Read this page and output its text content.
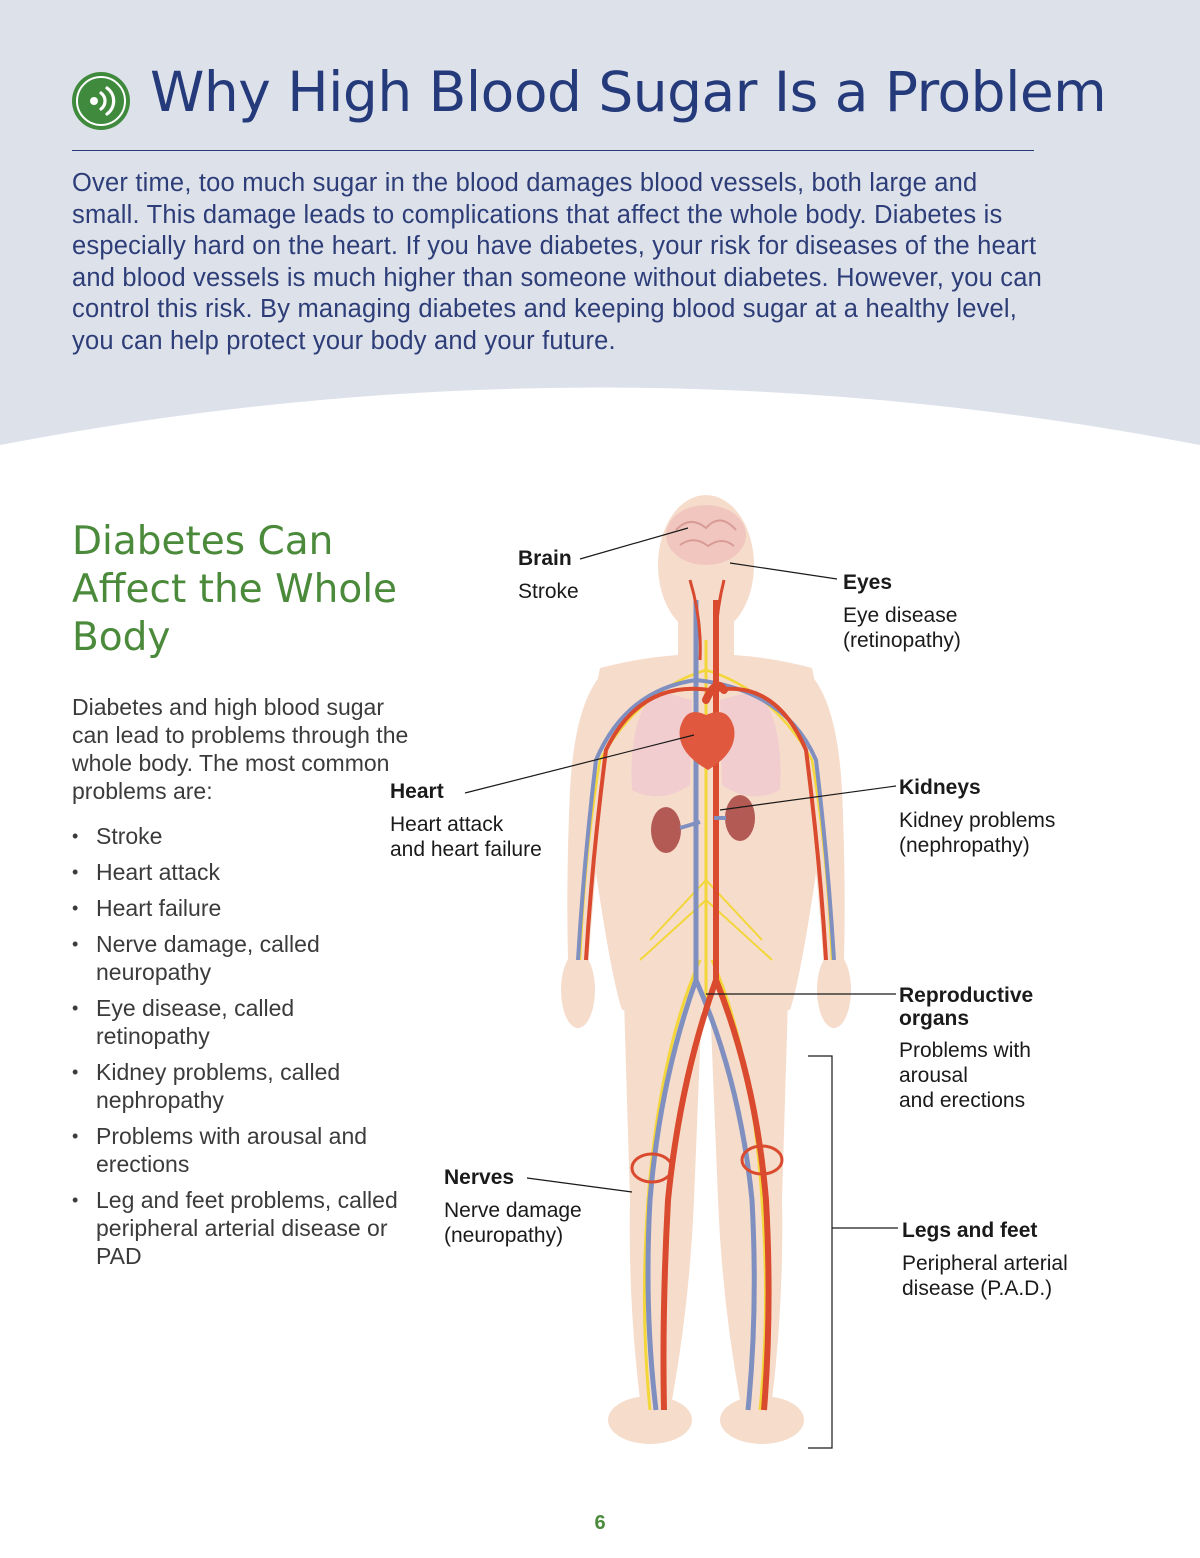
Why High Blood Sugar Is a Problem

Over time, too much sugar in the blood damages blood vessels, both large and small. This damage leads to complications that affect the whole body. Diabetes is especially hard on the heart. If you have diabetes, your risk for diseases of the heart and blood vessels is much higher than someone without diabetes. However, you can control this risk. By managing diabetes and keeping blood sugar at a healthy level, you can help protect your body and your future.

Diabetes Can Affect the Whole Body

Diabetes and high blood sugar can lead to problems through the whole body. The most common problems are:

• Stroke
• Heart attack
• Heart failure
• Nerve damage, called neuropathy
• Eye disease, called retinopathy
• Kidney problems, called nephropathy
• Problems with arousal and erections
• Leg and feet problems, called peripheral arterial disease or PAD
Brain
Stroke	Eyes
Eye disease
(retinopathy)
Heart
Heart attack
and heart failure
Kidneys
Kidney problems
(nephropathy)
Reproductive organs
Problems with arousal
and erections
Nerves
Nerve damage
(neuropathy)	Legs and feet
Peripheral arterial
disease (P.A.D.)
6
